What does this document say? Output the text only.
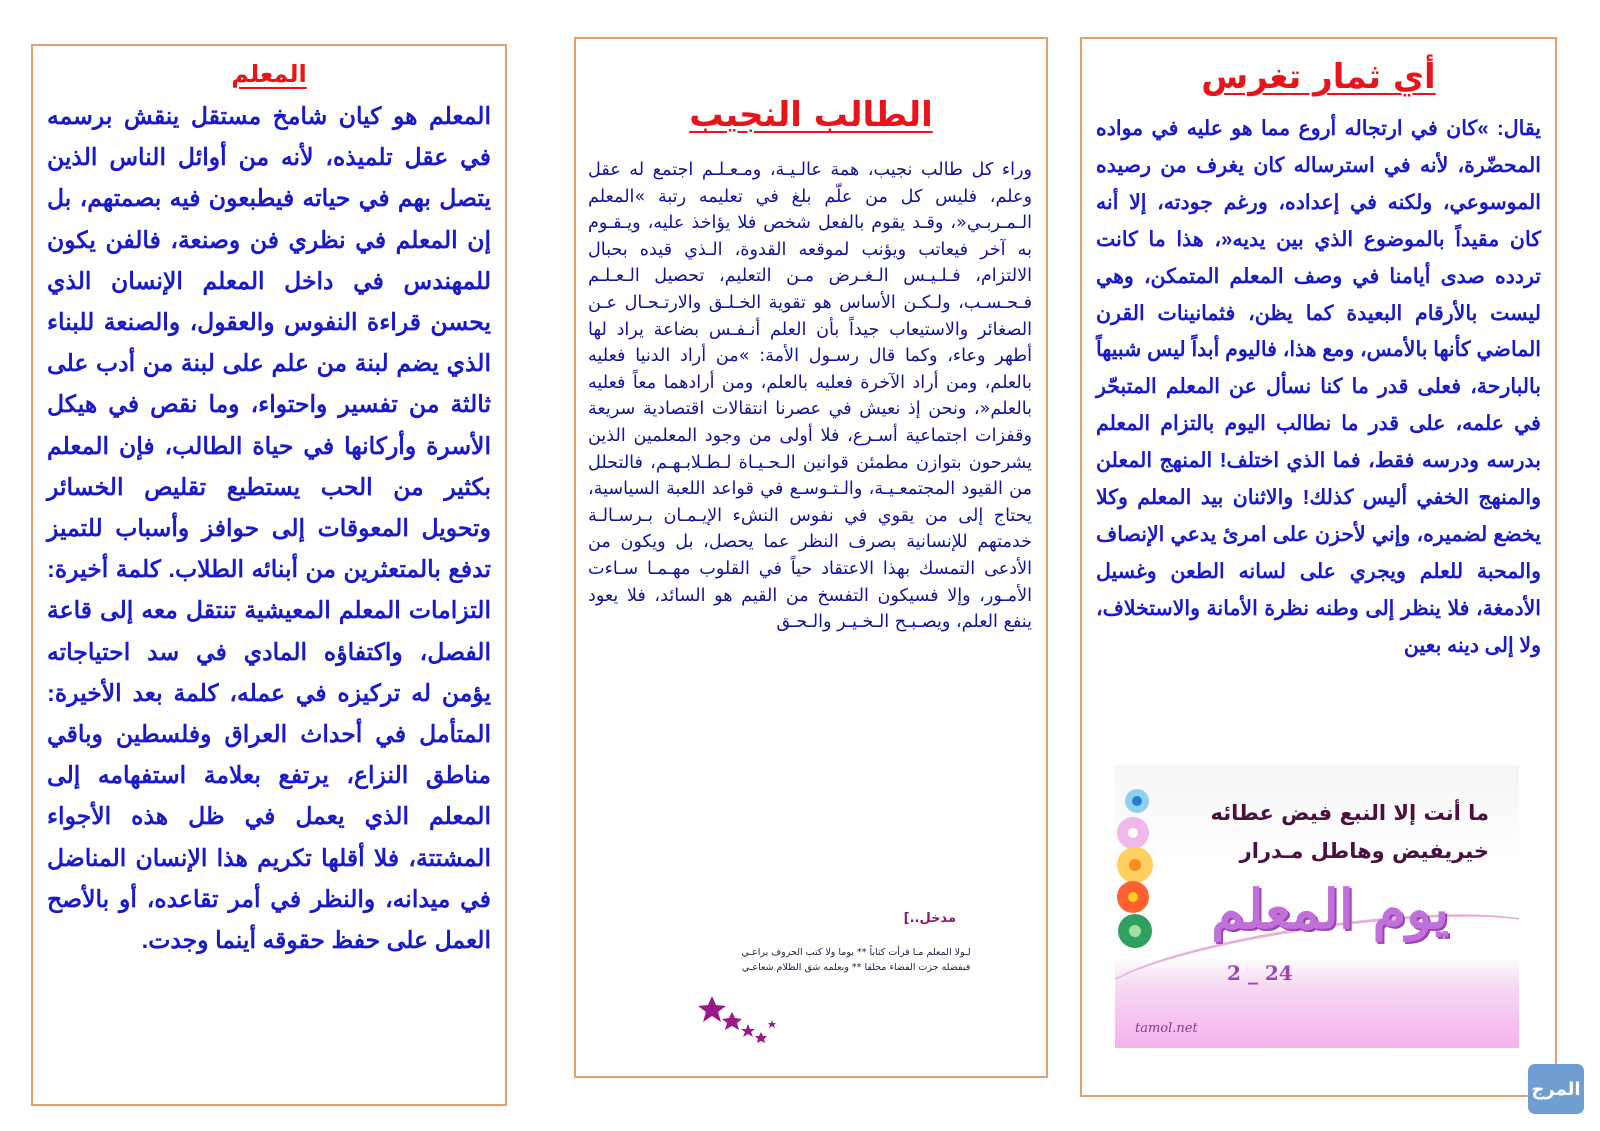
المعلم
المعلم هو كيان شامخ مستقل ينقش برسمه في عقل تلميذه، لأنه من أوائل الناس الذين يتصل بهم في حياته فيطبعون فيه بصمتهم، بل إن المعلم في نظري فن وصنعة، فالفن يكون للمهندس في داخل المعلم الإنسان الذي يحسن قراءة النفوس والعقول، والصنعة للبناء الذي يضم لبنة من علم على لبنة من أدب على ثالثة من تفسير واحتواء، وما نقص في هيكل الأسرة وأركانها في حياة الطالب، فإن المعلم بكثير من الحب يستطيع تقليص الخسائر وتحويل المعوقات إلى حوافز وأسباب للتميز تدفع بالمتعثرين من أبنائه الطلاب. كلمة أخيرة: التزامات المعلم المعيشية تنتقل معه إلى قاعة الفصل، واكتفاؤه المادي في سد احتياجاته يؤمن له تركيزه في عمله، كلمة بعد الأخيرة: المتأمل في أحداث العراق وفلسطين وباقي مناطق النزاع، يرتفع بعلامة استفهامه إلى المعلم الذي يعمل في ظل هذه الأجواء المشتتة، فلا أقلها تكريم هذا الإنسان المناضل في ميدانه، والنظر في أمر تقاعده، أو بالأصح العمل على حفظ حقوقه أينما وجدت.
الطالب النجيب
وراء كل طالب نجيب، همة عالـيـة، ومـعـلـم اجتمع له عقل وعلم، فليس كل من علّم بلغ في تعليمه رتبة »المعلم الـمـربـي«، وقـد يقوم بالفعل شخص فلا يؤاخذ عليه، ويـقـوم به آخر فيعاتب ويؤنب لموقعه القدوة، الـذي قيده بحبال الالتزام، فـلـيـس الـغـرض مـن التعليم، تحصيل الـعـلـم فـحـسـب، ولـكـن الأساس هو تقوية الخـلـق والارتـحـال عـن الصغائر والاستيعاب جيداً بأن العلم أنـفـس بضاعة يراد لها أطهر وعاء، وكما قال رسـول الأمة: »من أراد الدنيا فعليه بالعلم، ومن أراد الآخرة فعليه بالعلم، ومن أرادهما معاً فعليه بالعلم«، ونحن إذ نعيش في عصرنا انتقالات اقتصادية سريعة وقفزات اجتماعية أسـرع، فلا أولى من وجود المعلمين الذين يشرحون بتوازن مطمئن قوانين الـحـيـاة لـطـلابـهـم، فالتحلل من القيود المجتمعـيـة، والـتـوسـع في قواعد اللعبة السياسية، يحتاج إلى من يقوي في نفوس النشء الإيـمـان بـرسـالـة خدمتهم للإنسانية بصرف النظر عما يحصل، بل ويكون من الأدعى التمسك بهذا الاعتقاد حياً في القلوب مهـمـا سـاءت الأمـور، وإلا فسيكون التفسخ من القيم هو السائد، فلا يعود ينفع العلم، ويصـبـح الـخـيـر والـحـق
مدخل..]
لـولا المعلم مـا قرأت كتاباً ** يوما ولا كتب الحروف يراعـي
فبفضله جزت الفضاء محلقا ** وبعلمه شق الظلام شعاعـي
أي ثمار تغرس
يقال: »كان في ارتجاله أروع مما هو عليه في مواده المحضّرة، لأنه في استرساله كان يغرف من رصيده الموسوعي، ولكنه في إعداده، ورغم جودته، إلا أنه كان مقيداً بالموضوع الذي بين يديه«، هذا ما كانت تردده صدى أيامنا في وصف المعلم المتمكن، وهي ليست بالأرقام البعيدة كما يظن، فثمانينات القرن الماضي كأنها بالأمس، ومع هذا، فاليوم أبداً ليس شبيهاً بالبارحة، فعلى قدر ما كنا نسأل عن المعلم المتبحّر في علمه، على قدر ما نطالب اليوم بالتزام المعلم بدرسه ودرسه فقط، فما الذي اختلف! المنهج المعلن والمنهج الخفي أليس كذلك! والاثنان بيد المعلم وكلا يخضع لضميره، وإني لأحزن على امرئ يدعي الإنصاف والمحبة للعلم ويجري على لسانه الطعن وغسيل الأدمغة، فلا ينظر إلى وطنه نظرة الأمانة والاستخلاف، ولا إلى دينه بعين
ما أنت إلا النبع فيض عطائه
خيريفيض وهاطل مـدرار
يوم المعلم
2 _ 24
tamol.net
المرج
